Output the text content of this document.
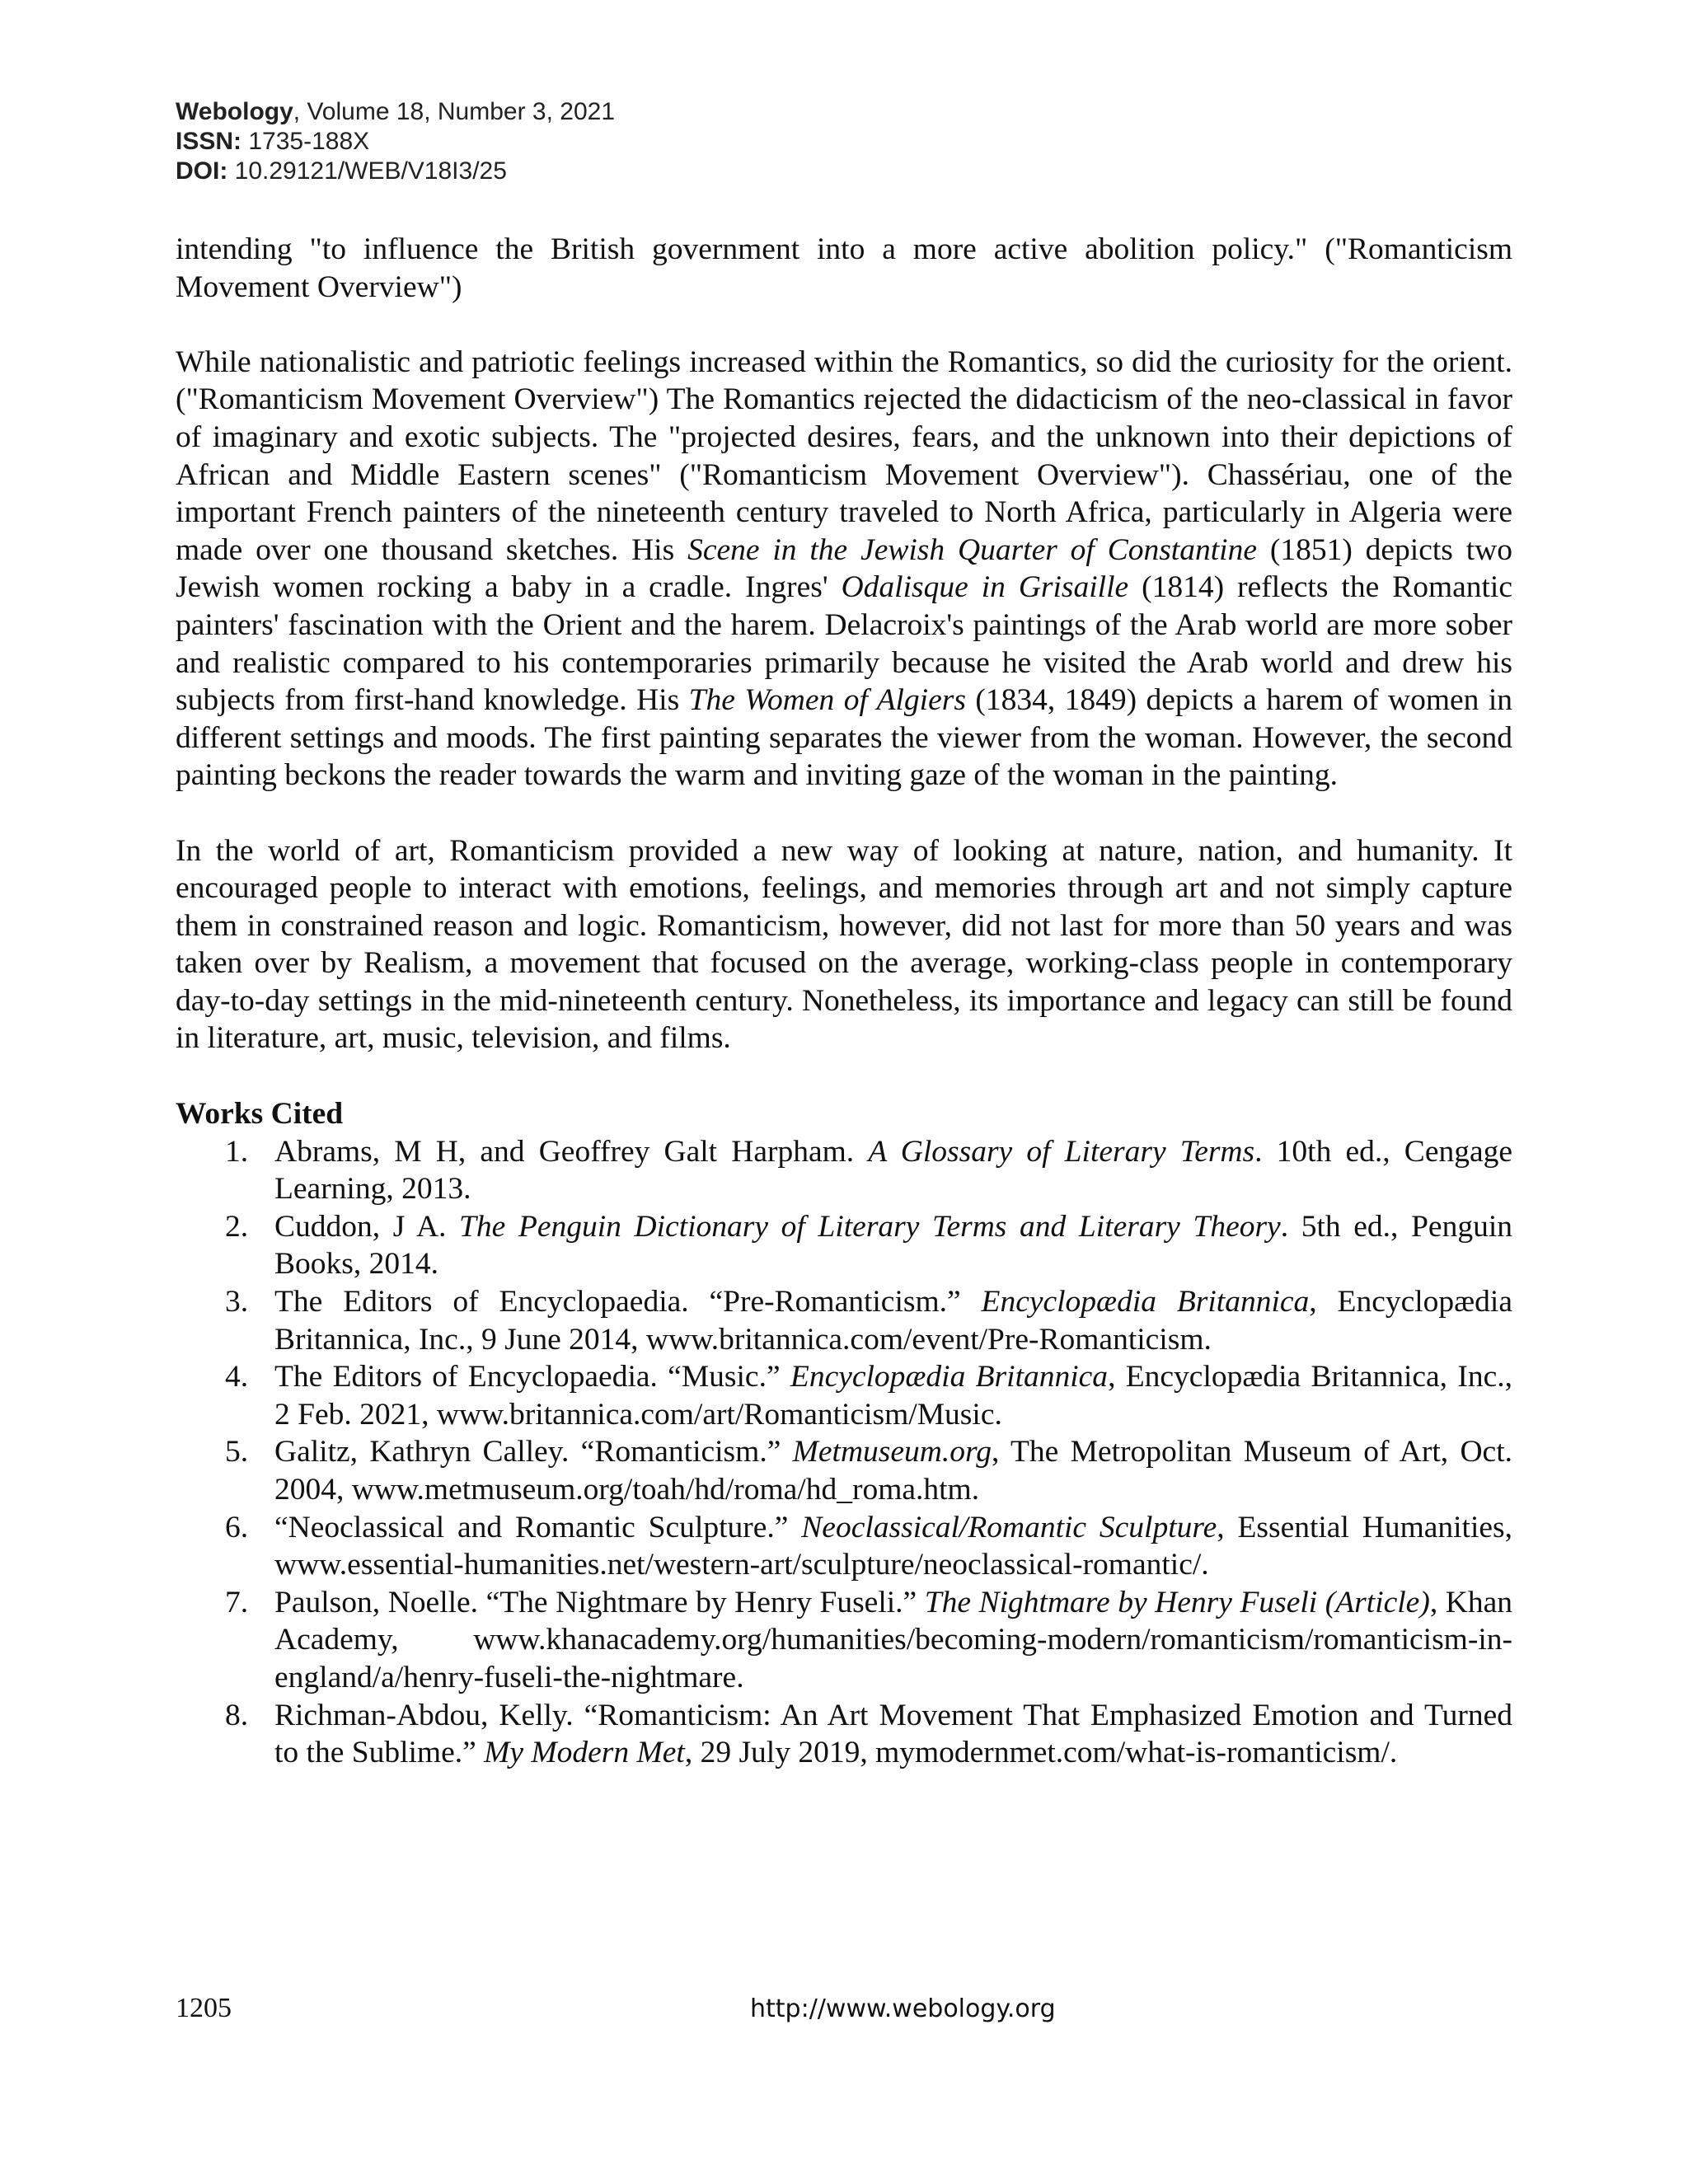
Webology, Volume 18, Number 3, 2021
ISSN: 1735-188X
DOI: 10.29121/WEB/V18I3/25

intending "to influence the British government into a more active abolition policy." ("Romanticism Movement Overview")

While nationalistic and patriotic feelings increased within the Romantics, so did the curiosity for the orient. ("Romanticism Movement Overview") The Romantics rejected the didacticism of the neo-classical in favor of imaginary and exotic subjects. The "projected desires, fears, and the unknown into their depictions of African and Middle Eastern scenes" ("Romanticism Movement Overview"). Chassériau, one of the important French painters of the nineteenth century traveled to North Africa, particularly in Algeria were made over one thousand sketches. His Scene in the Jewish Quarter of Constantine (1851) depicts two Jewish women rocking a baby in a cradle. Ingres' Odalisque in Grisaille (1814) reflects the Romantic painters' fascination with the Orient and the harem. Delacroix's paintings of the Arab world are more sober and realistic compared to his contemporaries primarily because he visited the Arab world and drew his subjects from first-hand knowledge. His The Women of Algiers (1834, 1849) depicts a harem of women in different settings and moods. The first painting separates the viewer from the woman. However, the second painting beckons the reader towards the warm and inviting gaze of the woman in the painting.

In the world of art, Romanticism provided a new way of looking at nature, nation, and humanity. It encouraged people to interact with emotions, feelings, and memories through art and not simply capture them in constrained reason and logic. Romanticism, however, did not last for more than 50 years and was taken over by Realism, a movement that focused on the average, working-class people in contemporary day-to-day settings in the mid-nineteenth century. Nonetheless, its importance and legacy can still be found in literature, art, music, television, and films.

Works Cited
1. Abrams, M H, and Geoffrey Galt Harpham. A Glossary of Literary Terms. 10th ed., Cengage Learning, 2013.
2. Cuddon, J A. The Penguin Dictionary of Literary Terms and Literary Theory. 5th ed., Penguin Books, 2014.
3. The Editors of Encyclopaedia. “Pre-Romanticism.” Encyclopædia Britannica, Encyclopædia Britannica, Inc., 9 June 2014, www.britannica.com/event/Pre-Romanticism.
4. The Editors of Encyclopaedia. “Music.” Encyclopædia Britannica, Encyclopædia Britannica, Inc., 2 Feb. 2021, www.britannica.com/art/Romanticism/Music.
5. Galitz, Kathryn Calley. “Romanticism.” Metmuseum.org, The Metropolitan Museum of Art, Oct. 2004, www.metmuseum.org/toah/hd/roma/hd_roma.htm.
6. “Neoclassical and Romantic Sculpture.” Neoclassical/Romantic Sculpture, Essential Humanities, www.essential-humanities.net/western-art/sculpture/neoclassical-romantic/.
7. Paulson, Noelle. “The Nightmare by Henry Fuseli.” The Nightmare by Henry Fuseli (Article), Khan Academy, www.khanacademy.org/humanities/becoming-modern/romanticism/romanticism-in-england/a/henry-fuseli-the-nightmare.
8. Richman-Abdou, Kelly. “Romanticism: An Art Movement That Emphasized Emotion and Turned to the Sublime.” My Modern Met, 29 July 2019, mymodernmet.com/what-is-romanticism/.
1205	http://www.webology.org
